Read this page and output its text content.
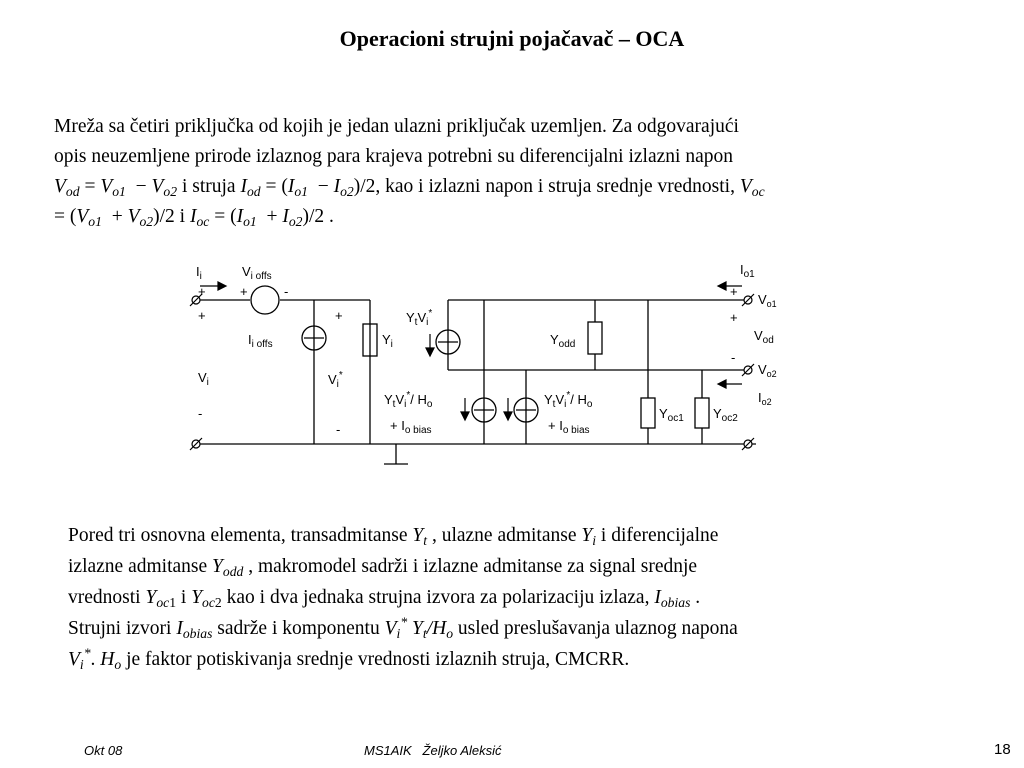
Operacioni strujni pojačavač – OCA
Mreža sa četiri priključka od kojih je jedan ulazni priključak uzemljen. Za odgovarajući
opis neuzemljene prirode izlaznog para krajeva potrebni su diferencijalni izlazni napon
$V_{od} = V_{o1} - V_{o2}$ i struja $I_{od} = (I_{o1} - I_{o2})/2$, kao i izlazni napon i struja srednje vrednosti, $V_{oc}$
= $(V_{o1} + V_{o2})/2$ i $I_{oc} = (I_{o1} + I_{o2})/2$ .
$I_i$
+
+
$V_{i offs}$
+	-
$I_{i offs}$
+
$Y_i$
$V_i$	$V_i^*$
-
-
$Y_tV_i^*$
$Y_{odd}$
$Y_tV_i^*/$ $H_o$
+ $I_{o bias}$
$Y_tV_i^*/$ $H_o$
+ $I_{o bias}$
$Y_{oc1}$ $Y_{oc2}$
$I_{o1}$
+
$V_{o1}$
+
$V_{od}$
-
$V_{o2}$
$I_{o2}$
Pored tri osnovna elementa, transadmitanse $Y_t$ , ulazne admitanse $Y_i$ i diferencijalne
izlazne admitanse $Y_{odd}$ , makromodel sadrži i izlazne admitanse za signal srednje
vrednosti $Y_{oc1}$ i $Y_{oc2}$ kao i dva jednaka strujna izvora za polarizaciju izlaza, $I_{obias}$ .
Strujni izvori $I_{obias}$ sadrže i komponentu $V_i^*$ $Y_t/H_o$ usled preslušavanja ulaznog napona
$V_i^*$. $H_o$ je faktor potiskivanja srednje vrednosti izlaznih struja, CMCRR.
Okt 08	MS1AIK   Željko Aleksić	18
